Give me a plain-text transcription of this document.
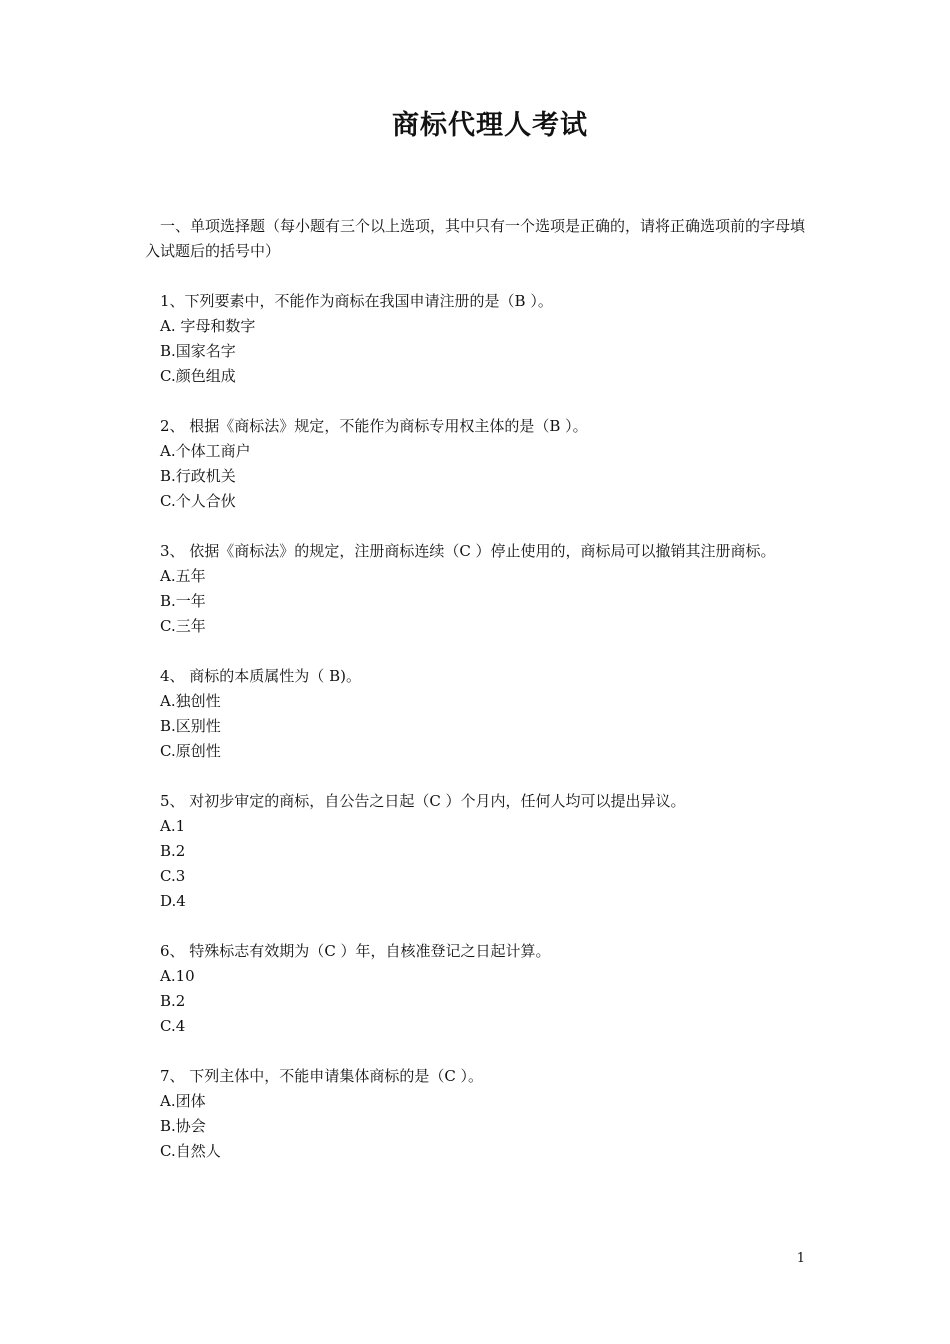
商标代理人考试
一、单项选择题（每小题有三个以上选项，其中只有一个选项是正确的，请将正确选项前的字母填入试题后的括号中）
1、下列要素中，不能作为商标在我国申请注册的是（B ）。
A. 字母和数字
B.国家名字
C.颜色组成
2、 根据《商标法》规定，不能作为商标专用权主体的是（B ）。
A.个体工商户
B.行政机关
C.个人合伙
3、 依据《商标法》的规定，注册商标连续（C ）停止使用的，商标局可以撤销其注册商标。
A.五年
B.一年
C.三年
4、 商标的本质属性为（ B)。
A.独创性
B.区别性
C.原创性
5、 对初步审定的商标，自公告之日起（C ）个月内，任何人均可以提出异议。
A.1
B.2
C.3
D.4
6、 特殊标志有效期为（C ）年，自核准登记之日起计算。
A.10
B.2
C.4
7、 下列主体中，不能申请集体商标的是（C ）。
A.团体
B.协会
C.自然人
1
